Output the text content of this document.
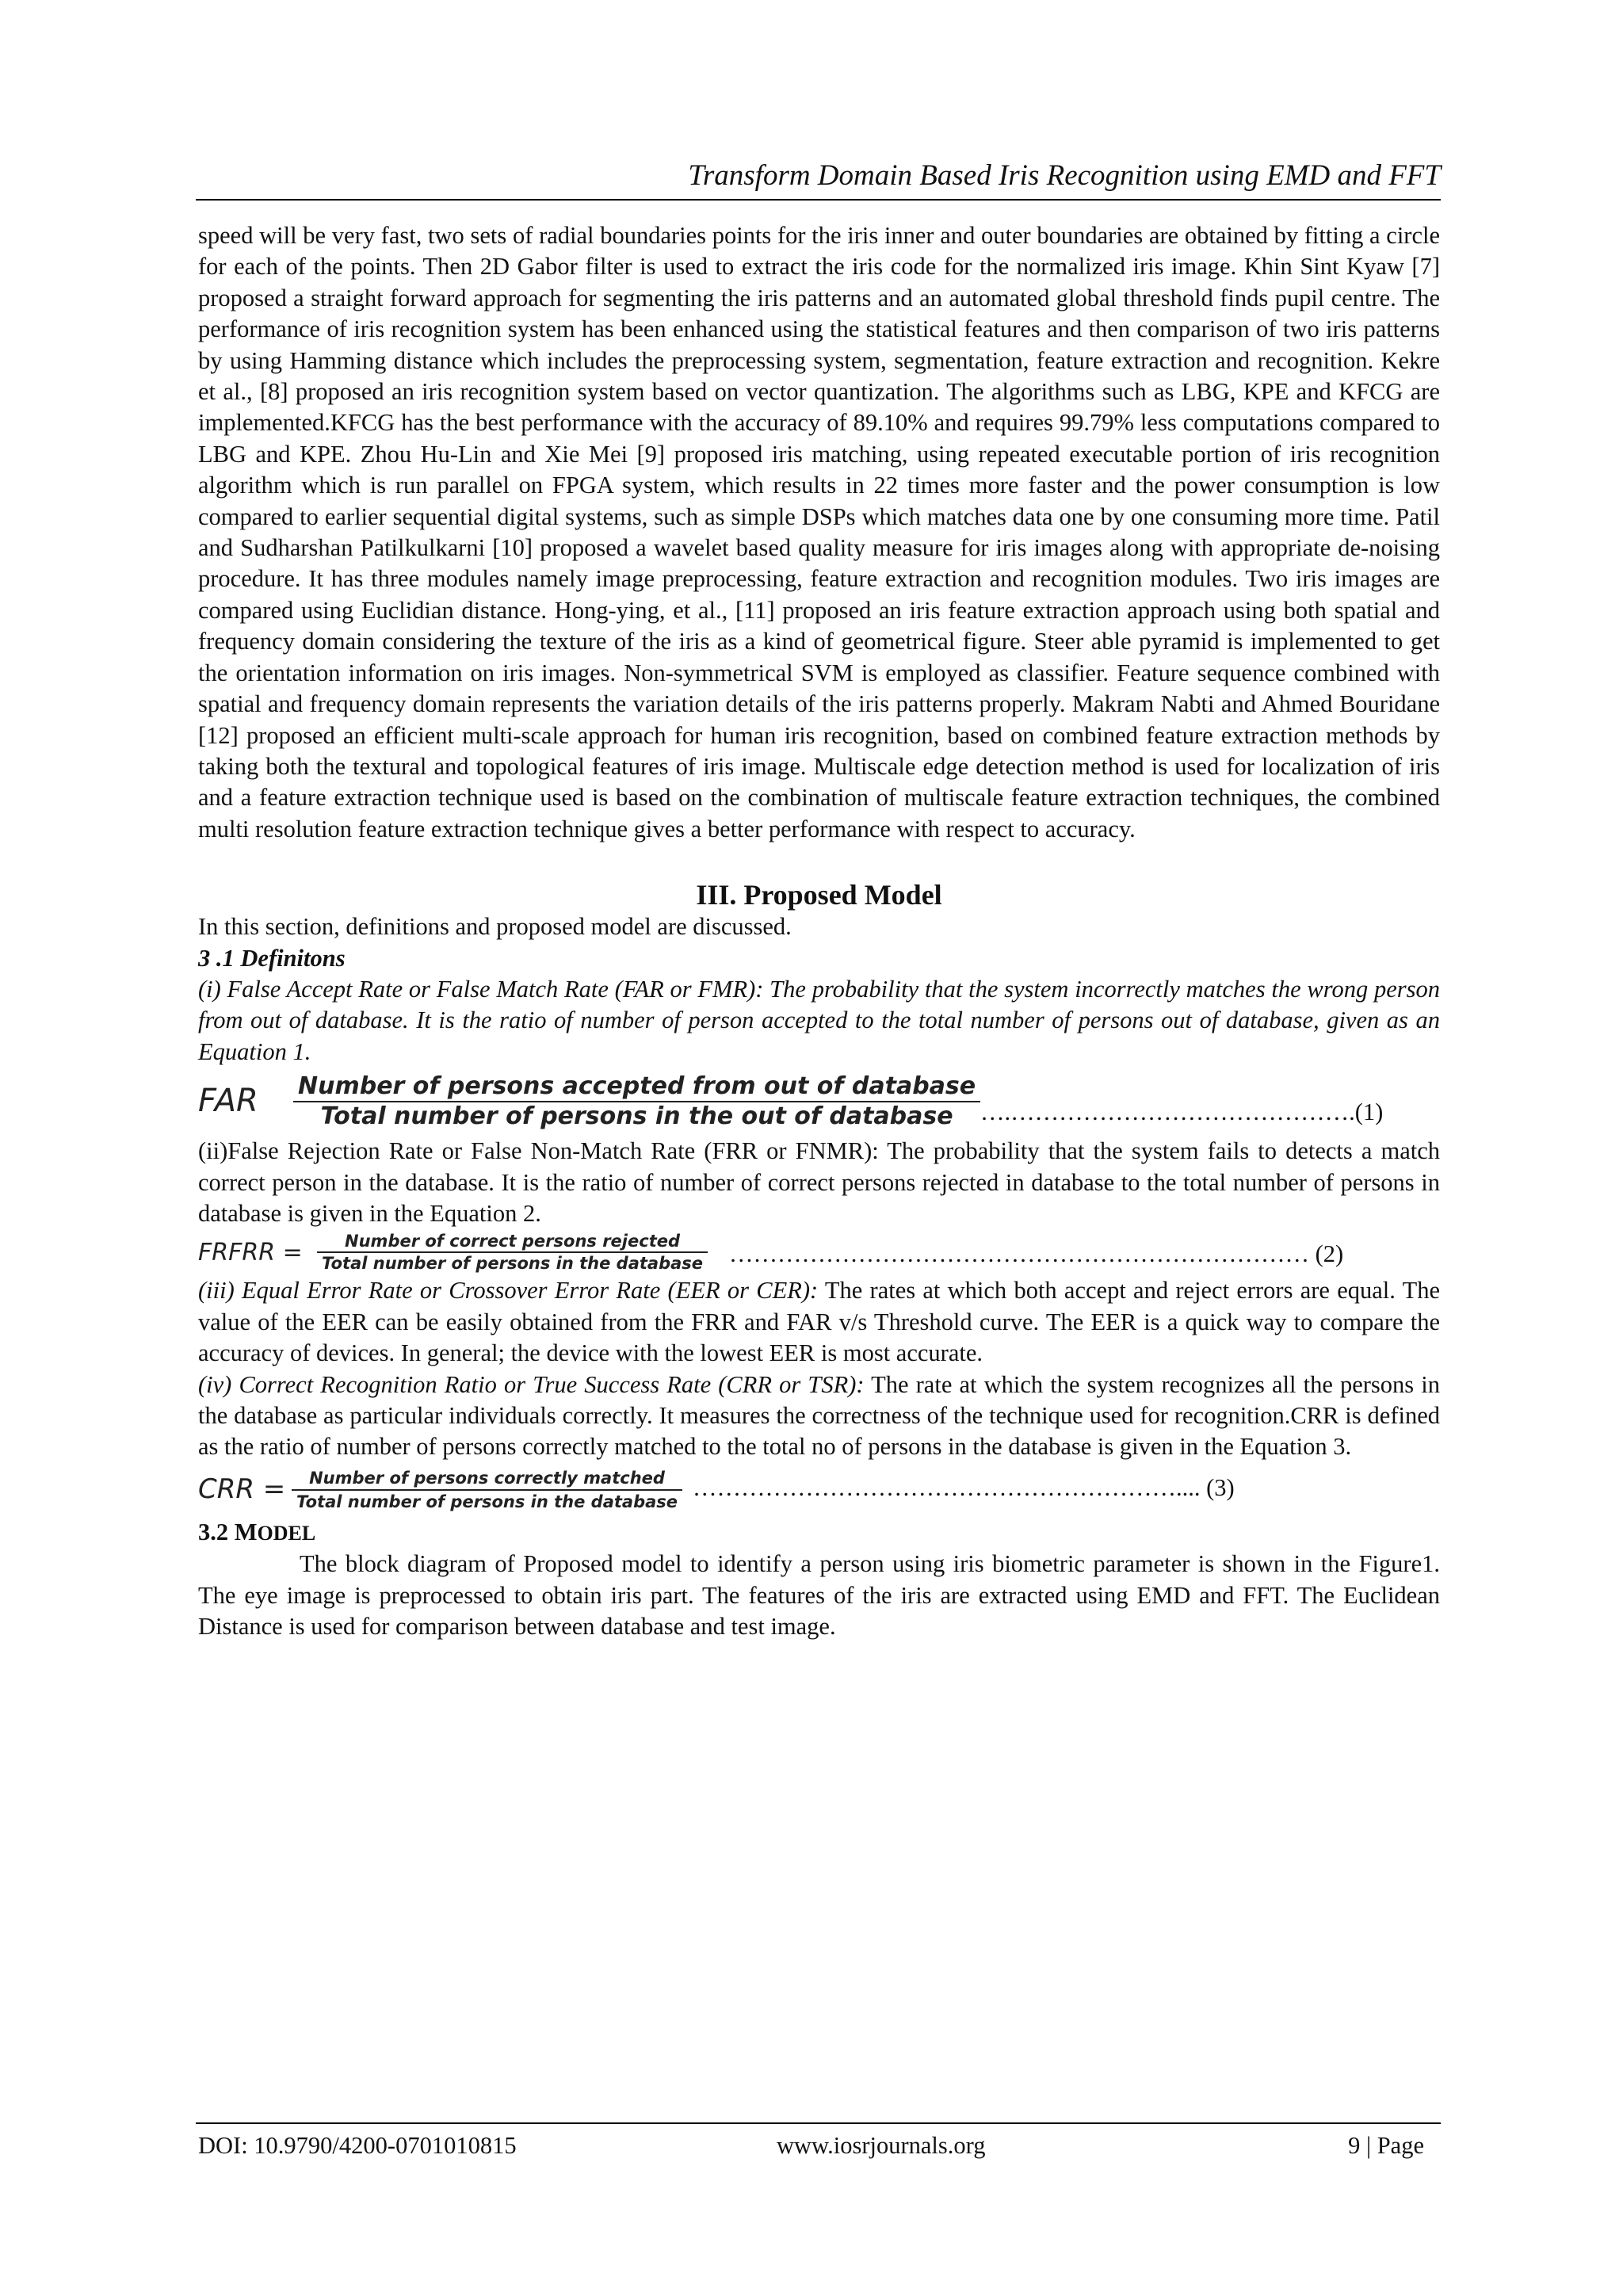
Transform Domain Based Iris Recognition using EMD and FFT

speed will be very fast, two sets of radial boundaries points for the iris inner and outer boundaries are obtained by fitting a circle for each of the points. Then 2D Gabor filter is used to extract the iris code for the normalized iris image. Khin Sint Kyaw [7] proposed a straight forward approach for segmenting the iris patterns and an automated global threshold finds pupil centre. The performance of iris recognition system has been enhanced using the statistical features and then comparison of two iris patterns by using Hamming distance which includes the preprocessing system, segmentation, feature extraction and recognition. Kekre et al., [8] proposed an iris recognition system based on vector quantization. The algorithms such as LBG, KPE and KFCG are implemented.KFCG has the best performance with the accuracy of 89.10% and requires 99.79% less computations compared to LBG and KPE. Zhou Hu-Lin and Xie Mei [9] proposed iris matching, using repeated executable portion of iris recognition algorithm which is run parallel on FPGA system, which results in 22 times more faster and the power consumption is low compared to earlier sequential digital systems, such as simple DSPs which matches data one by one consuming more time. Patil and Sudharshan Patilkulkarni [10] proposed a wavelet based quality measure for iris images along with appropriate de-noising procedure. It has three modules namely image preprocessing, feature extraction and recognition modules. Two iris images are compared using Euclidian distance. Hong-ying, et al., [11] proposed an iris feature extraction approach using both spatial and frequency domain considering the texture of the iris as a kind of geometrical figure. Steer able pyramid is implemented to get the orientation information on iris images. Non-symmetrical SVM is employed as classifier. Feature sequence combined with spatial and frequency domain represents the variation details of the iris patterns properly. Makram Nabti and Ahmed Bouridane [12] proposed an efficient multi-scale approach for human iris recognition, based on combined feature extraction methods by taking both the textural and topological features of iris image. Multiscale edge detection method is used for localization of iris and a feature extraction technique used is based on the combination of multiscale feature extraction techniques, the combined multi resolution feature extraction technique gives a better performance with respect to accuracy.

III. Proposed Model

In this section, definitions and proposed model are discussed.

3 .1 Definitons

(i) False Accept Rate or False Match Rate (FAR or FMR): The probability that the system incorrectly matches the wrong person from out of database. It is the ratio of number of person accepted to the total number of persons out of database, given as an Equation 1.

FAR	$\frac{\text{Number of persons accepted from out of database}}{\text{Total number of persons in the out of database}}$ ….…………………………………….(1)

(ii)False Rejection Rate or False Non-Match Rate (FRR or FNMR): The probability that the system fails to detects a match correct person in the database. It is the ratio of number of correct persons rejected in database to the total number of persons in database is given in the Equation 2.

FRFRR = $\frac{\text{Number of correct persons rejected}}{\text{Total number of persons in the database}}$ ……………………………………………………………… (2)

(iii) Equal Error Rate or Crossover Error Rate (EER or CER): The rates at which both accept and reject errors are equal. The value of the EER can be easily obtained from the FRR and FAR v/s Threshold curve. The EER is a quick way to compare the accuracy of devices. In general; the device with the lowest EER is most accurate.

(iv) Correct Recognition Ratio or True Success Rate (CRR or TSR): The rate at which the system recognizes all the persons in the database as particular individuals correctly. It measures the correctness of the technique used for recognition.CRR is defined as the ratio of number of persons correctly matched to the total no of persons in the database is given in the Equation 3.

CRR = $\frac{\text{Number of persons correctly matched}}{\text{Total number of persons in the database}}$ …………………………………………………….... (3)

3.2 MODEL

The block diagram of Proposed model to identify a person using iris biometric parameter is shown in the Figure1. The eye image is preprocessed to obtain iris part. The features of the iris are extracted using EMD and FFT. The Euclidean Distance is used for comparison between database and test image.

DOI: 10.9790/4200-0701010815	www.iosrjournals.org	9 | Page
